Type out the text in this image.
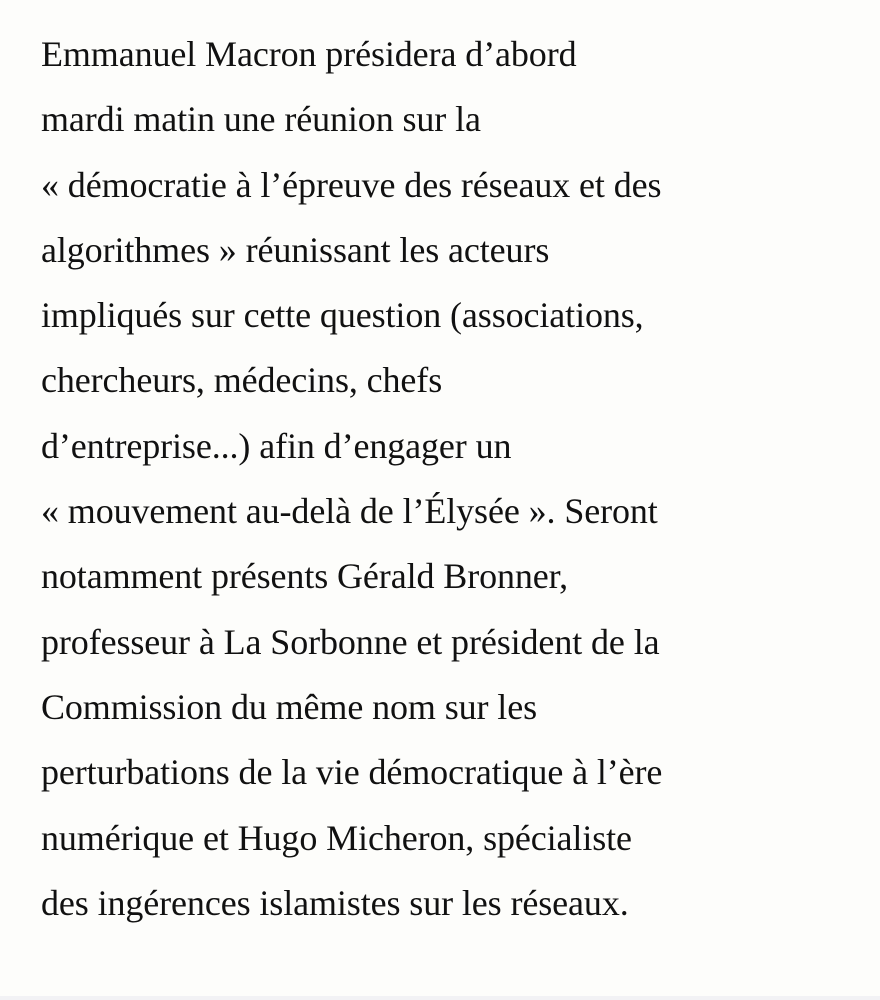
Emmanuel Macron présidera d’abord
mardi matin une réunion sur la
« démocratie à l’épreuve des réseaux et des
algorithmes » réunissant les acteurs
impliqués sur cette question (associations,
chercheurs, médecins, chefs
d’entreprise...) afin d’engager un
« mouvement au-delà de l’Élysée ». Seront
notamment présents Gérald Bronner,
professeur à La Sorbonne et président de la
Commission du même nom sur les
perturbations de la vie démocratique à l’ère
numérique et Hugo Micheron, spécialiste
des ingérences islamistes sur les réseaux.
